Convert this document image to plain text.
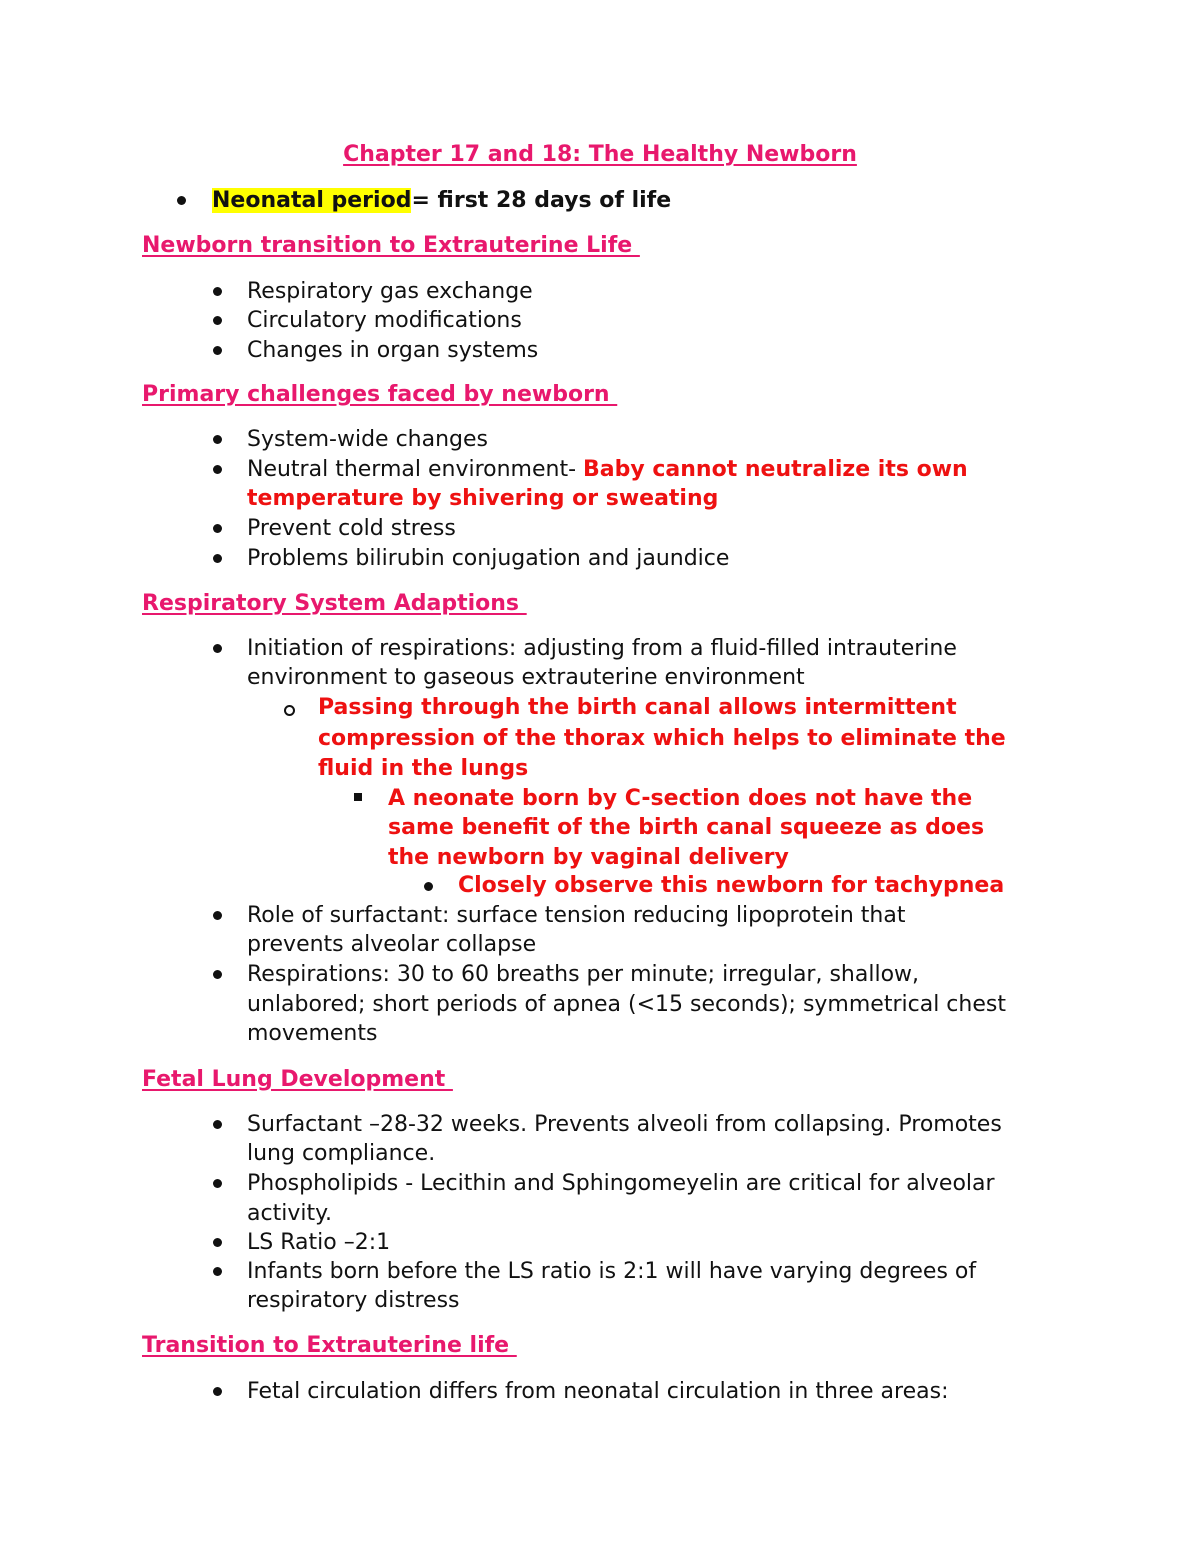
Chapter 17 and 18: The Healthy Newborn
Neonatal period= first 28 days of life
Newborn transition to Extrauterine Life
Respiratory gas exchange
Circulatory modifications
Changes in organ systems
Primary challenges faced by newborn
System-wide changes
Neutral thermal environment- Baby cannot neutralize its own
temperature by shivering or sweating
Prevent cold stress
Problems bilirubin conjugation and jaundice
Respiratory System Adaptions
Initiation of respirations: adjusting from a fluid-filled intrauterine
environment to gaseous extrauterine environment
Passing through the birth canal allows intermittent
compression of the thorax which helps to eliminate the
fluid in the lungs
A neonate born by C-section does not have the
same benefit of the birth canal squeeze as does
the newborn by vaginal delivery
Closely observe this newborn for tachypnea
Role of surfactant: surface tension reducing lipoprotein that
prevents alveolar collapse
Respirations: 30 to 60 breaths per minute; irregular, shallow,
unlabored; short periods of apnea (<15 seconds); symmetrical chest
movements
Fetal Lung Development
Surfactant –28-32 weeks. Prevents alveoli from collapsing. Promotes
lung compliance.
Phospholipids - Lecithin and Sphingomeyelin are critical for alveolar
activity.
LS Ratio –2:1
Infants born before the LS ratio is 2:1 will have varying degrees of
respiratory distress
Transition to Extrauterine life
Fetal circulation differs from neonatal circulation in three areas:
